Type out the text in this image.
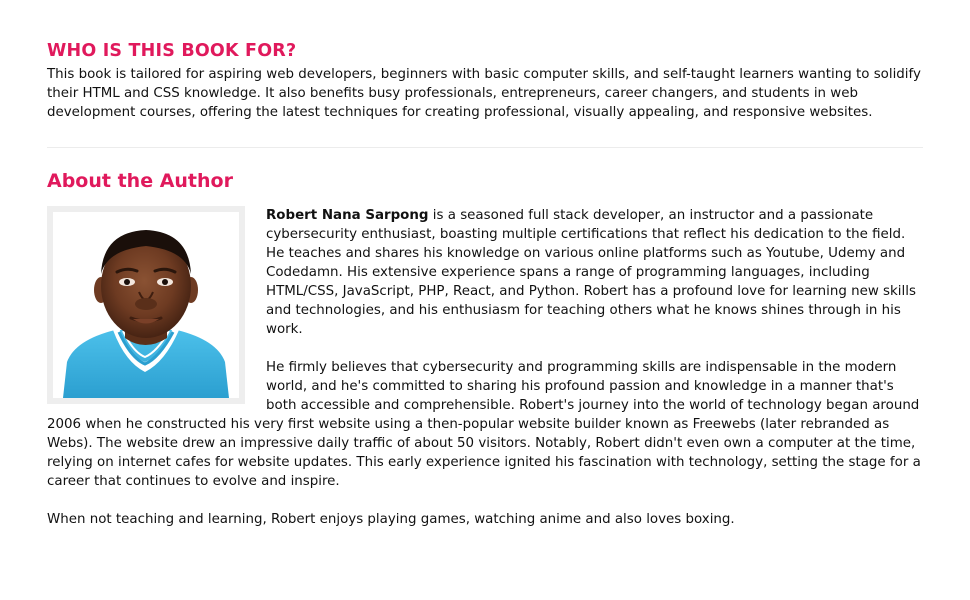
WHO IS THIS BOOK FOR?

This book is tailored for aspiring web developers, beginners with basic computer skills, and self-taught learners wanting to solidify their HTML and CSS knowledge. It also benefits busy professionals, entrepreneurs, career changers, and students in web development courses, offering the latest techniques for creating professional, visually appealing, and responsive websites.

About the Author

Robert Nana Sarpong is a seasoned full stack developer, an instructor and a passionate cybersecurity enthusiast, boasting multiple certifications that reflect his dedication to the field. He teaches and shares his knowledge on various online platforms such as Youtube, Udemy and Codedamn. His extensive experience spans a range of programming languages, including HTML/CSS, JavaScript, PHP, React, and Python. Robert has a profound love for learning new skills and technologies, and his enthusiasm for teaching others what he knows shines through in his work.

He firmly believes that cybersecurity and programming skills are indispensable in the modern world, and he's committed to sharing his profound passion and knowledge in a manner that's both accessible and comprehensible. Robert's journey into the world of technology began around 2006 when he constructed his very first website using a then-popular website builder known as Freewebs (later rebranded as Webs). The website drew an impressive daily traffic of about 50 visitors. Notably, Robert didn't even own a computer at the time, relying on internet cafes for website updates. This early experience ignited his fascination with technology, setting the stage for a career that continues to evolve and inspire.

When not teaching and learning, Robert enjoys playing games, watching anime and also loves boxing.
